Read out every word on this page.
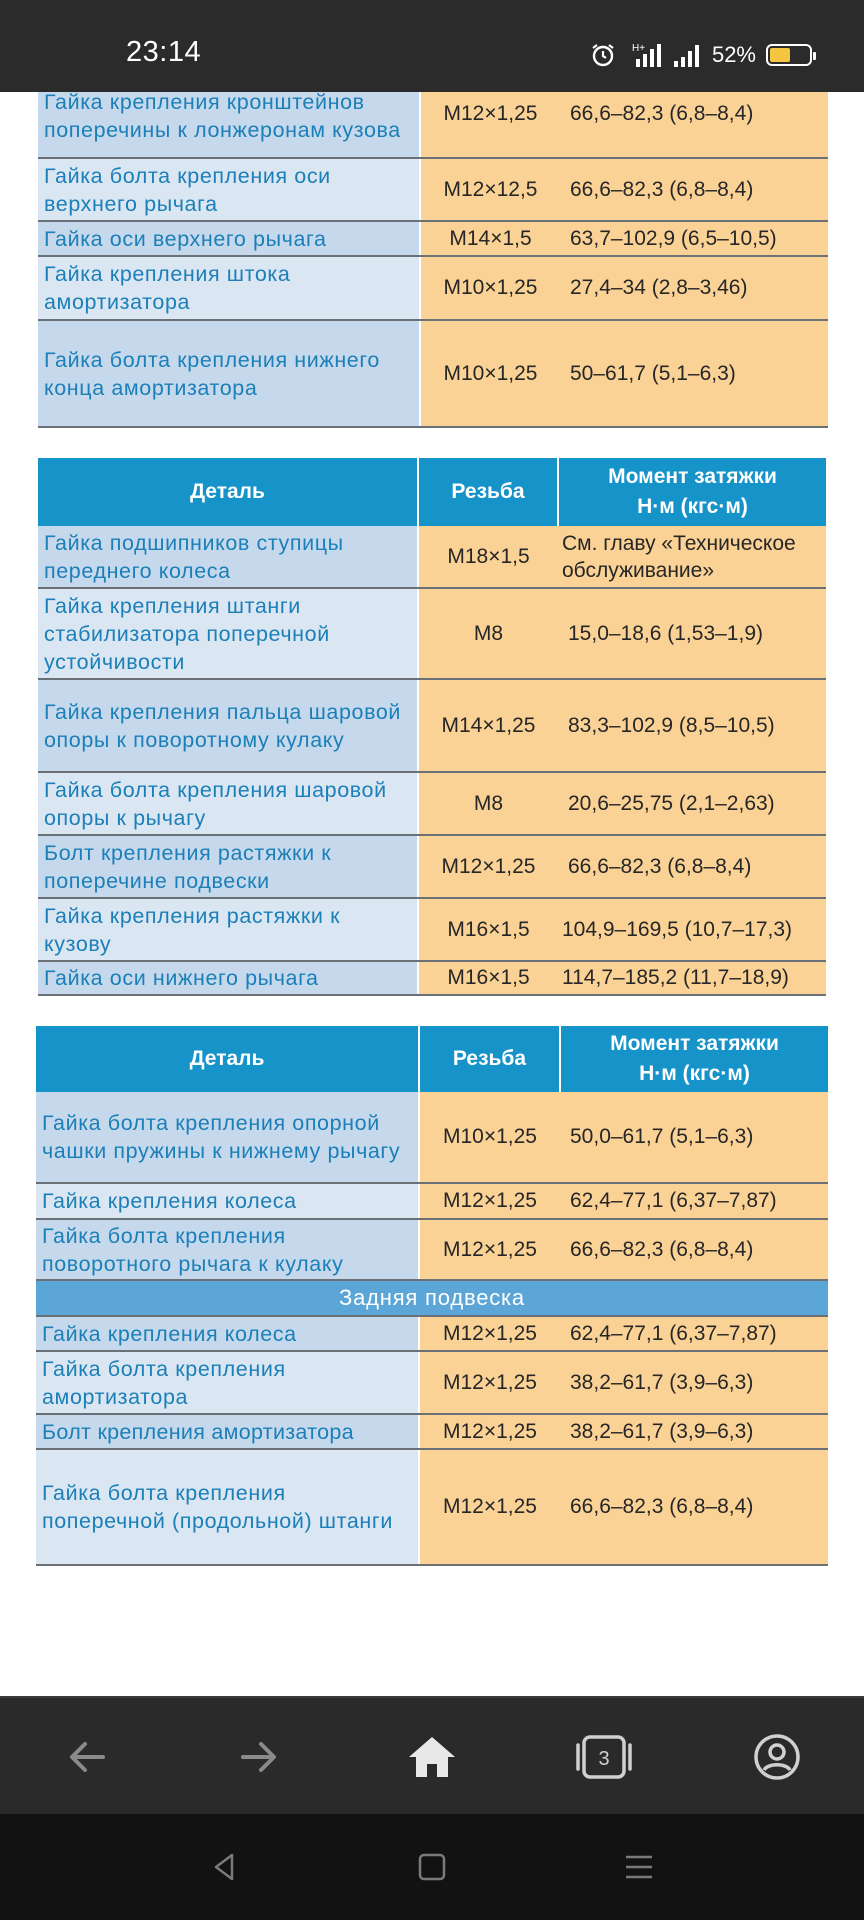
23:14	H+	52%
Гайка крепления кронштейнов поперечины к лонжеронам кузова	M12×1,25	66,6–82,3 (6,8–8,4)
Гайка болта крепления оси верхнего рычага	M12×12,5	66,6–82,3 (6,8–8,4)
Гайка оси верхнего рычага	M14×1,5	63,7–102,9 (6,5–10,5)
Гайка крепления штока амортизатора	M10×1,25	27,4–34 (2,8–3,46)
Гайка болта крепления нижнего конца амортизатора	M10×1,25	50–61,7 (5,1–6,3)
Деталь	Резьба	Момент затяжки
Н·м (кгс·м)

Гайка подшипников ступицы переднего колеса	M18×1,5	См. главу «Техническое обслуживание»
Гайка крепления штанги стабилизатора поперечной устойчивости	M8	15,0–18,6 (1,53–1,9)
Гайка крепления пальца шаровой опоры к поворотному кулаку	M14×1,25	83,3–102,9 (8,5–10,5)
Гайка болта крепления шаровой опоры к рычагу	M8	20,6–25,75 (2,1–2,63)
Болт крепления растяжки к поперечине подвески	M12×1,25	66,6–82,3 (6,8–8,4)
Гайка крепления растяжки к кузову	M16×1,5	104,9–169,5 (10,7–17,3)
Гайка оси нижнего рычага	M16×1,5	114,7–185,2 (11,7–18,9)
Деталь	Резьба	Момент затяжки
Н·м (кгс·м)

Гайка болта крепления опорной чашки пружины к нижнему рычагу	M10×1,25	50,0–61,7 (5,1–6,3)
Гайка крепления колеса	M12×1,25	62,4–77,1 (6,37–7,87)
Гайка болта крепления поворотного рычага к кулаку	M12×1,25	66,6–82,3 (6,8–8,4)
Задняя подвеска		
Гайка крепления колеса	M12×1,25	62,4–77,1 (6,37–7,87)
Гайка болта крепления амортизатора	M12×1,25	38,2–61,7 (3,9–6,3)
Болт крепления амортизатора	M12×1,25	38,2–61,7 (3,9–6,3)
Гайка болта крепления поперечной (продольной) штанги	M12×1,25	66,6–82,3 (6,8–8,4)
3
